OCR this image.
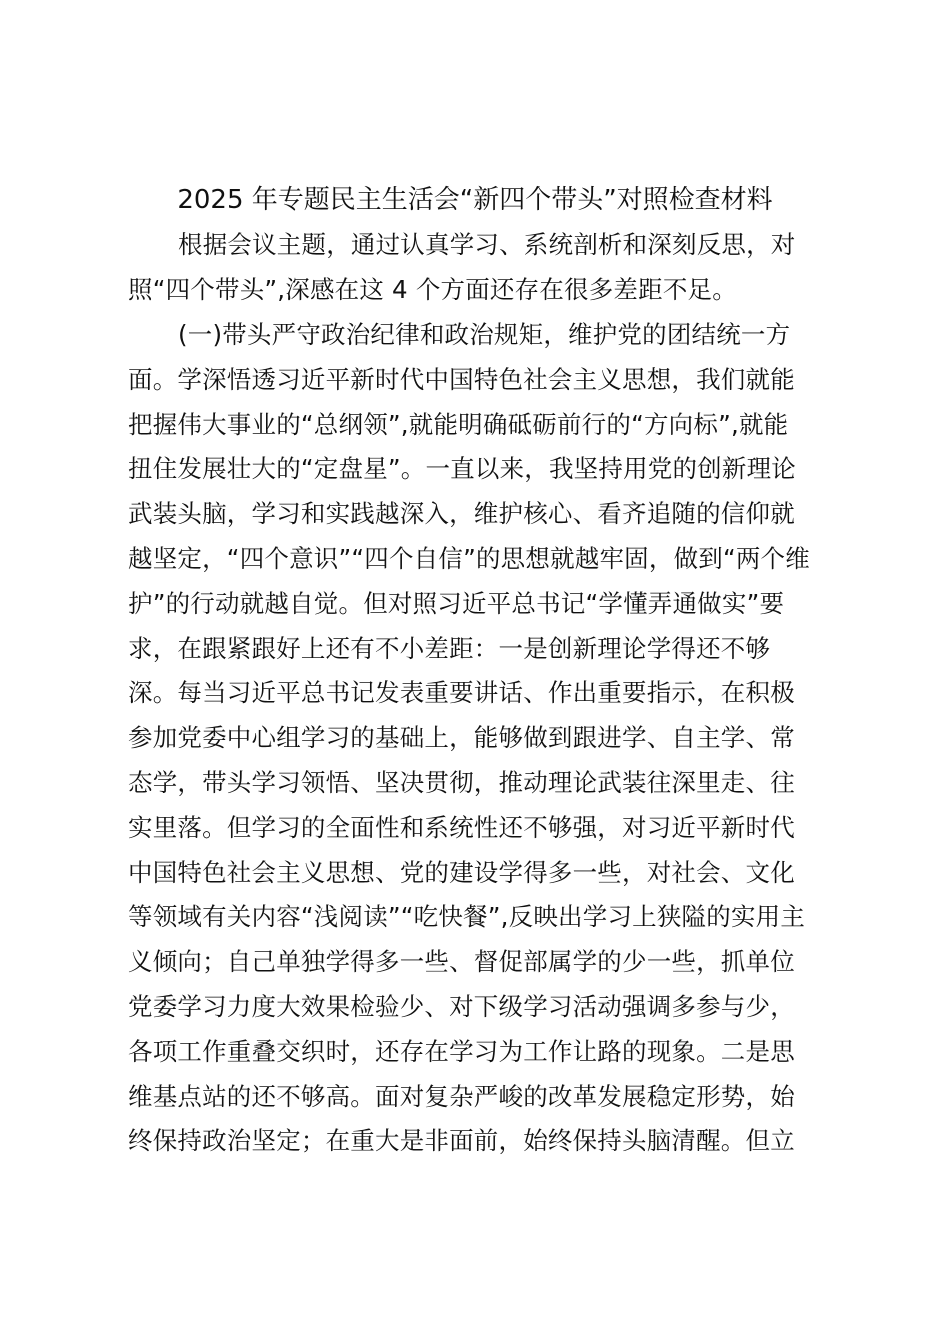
2025 年专题民主生活会“新四个带头”对照检查材料
根据会议主题，通过认真学习、系统剖析和深刻反思，对
照“四个带头”,深感在这 4 个方面还存在很多差距不足。
(一)带头严守政治纪律和政治规矩，维护党的团结统一方
面。学深悟透习近平新时代中国特色社会主义思想，我们就能
把握伟大事业的“总纲领”,就能明确砥砺前行的“方向标”,就能
扭住发展壮大的“定盘星”。一直以来，我坚持用党的创新理论
武装头脑，学习和实践越深入，维护核心、看齐追随的信仰就
越坚定，“四个意识”“四个自信”的思想就越牢固，做到“两个维
护”的行动就越自觉。但对照习近平总书记“学懂弄通做实”要
求，在跟紧跟好上还有不小差距：一是创新理论学得还不够
深。每当习近平总书记发表重要讲话、作出重要指示，在积极
参加党委中心组学习的基础上，能够做到跟进学、自主学、常
态学，带头学习领悟、坚决贯彻，推动理论武装往深里走、往
实里落。但学习的全面性和系统性还不够强，对习近平新时代
中国特色社会主义思想、党的建设学得多一些，对社会、文化
等领域有关内容“浅阅读”“吃快餐”,反映出学习上狭隘的实用主
义倾向；自己单独学得多一些、督促部属学的少一些，抓单位
党委学习力度大效果检验少、对下级学习活动强调多参与少，
各项工作重叠交织时，还存在学习为工作让路的现象。二是思
维基点站的还不够高。面对复杂严峻的改革发展稳定形势，始
终保持政治坚定；在重大是非面前，始终保持头脑清醒。但立
